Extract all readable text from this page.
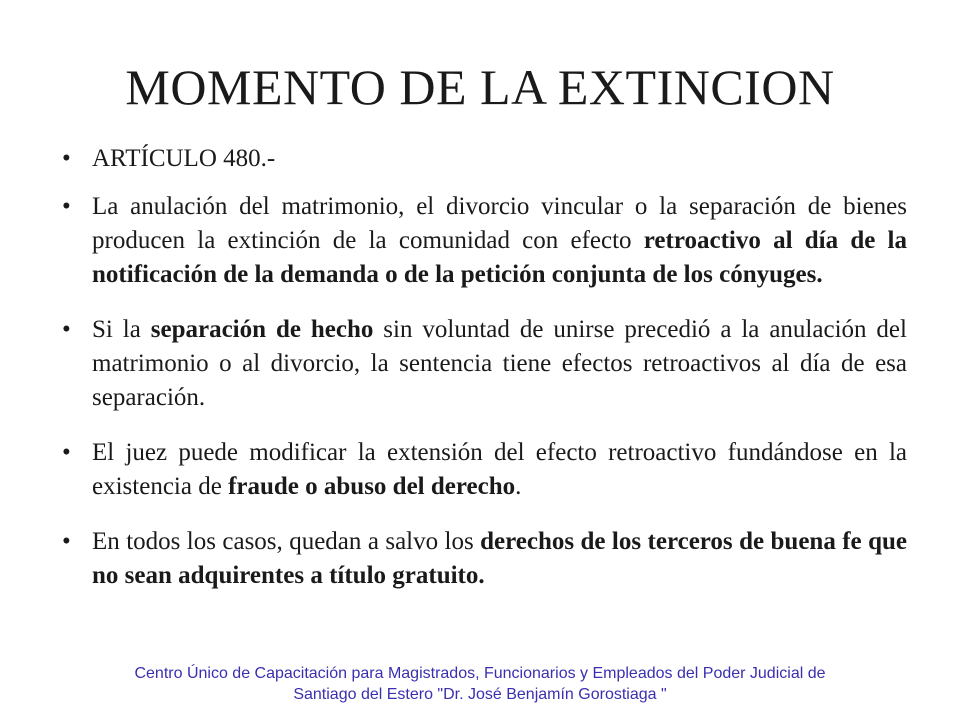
MOMENTO DE LA EXTINCION
• ARTÍCULO 480.-
• La anulación del matrimonio, el divorcio vincular o la separación de bienes producen la extinción de la comunidad con efecto retroactivo al día de la notificación de la demanda o de la petición conjunta de los cónyuges.
• Si la separación de hecho sin voluntad de unirse precedió a la anulación del matrimonio o al divorcio, la sentencia tiene efectos retroactivos al día de esa separación.
• El juez puede modificar la extensión del efecto retroactivo fundándose en la existencia de fraude o abuso del derecho.
• En todos los casos, quedan a salvo los derechos de los terceros de buena fe que no sean adquirentes a título gratuito.
Centro Único de Capacitación para Magistrados, Funcionarios y Empleados del Poder Judicial de
Santiago del Estero "Dr. José Benjamín Gorostiaga "
